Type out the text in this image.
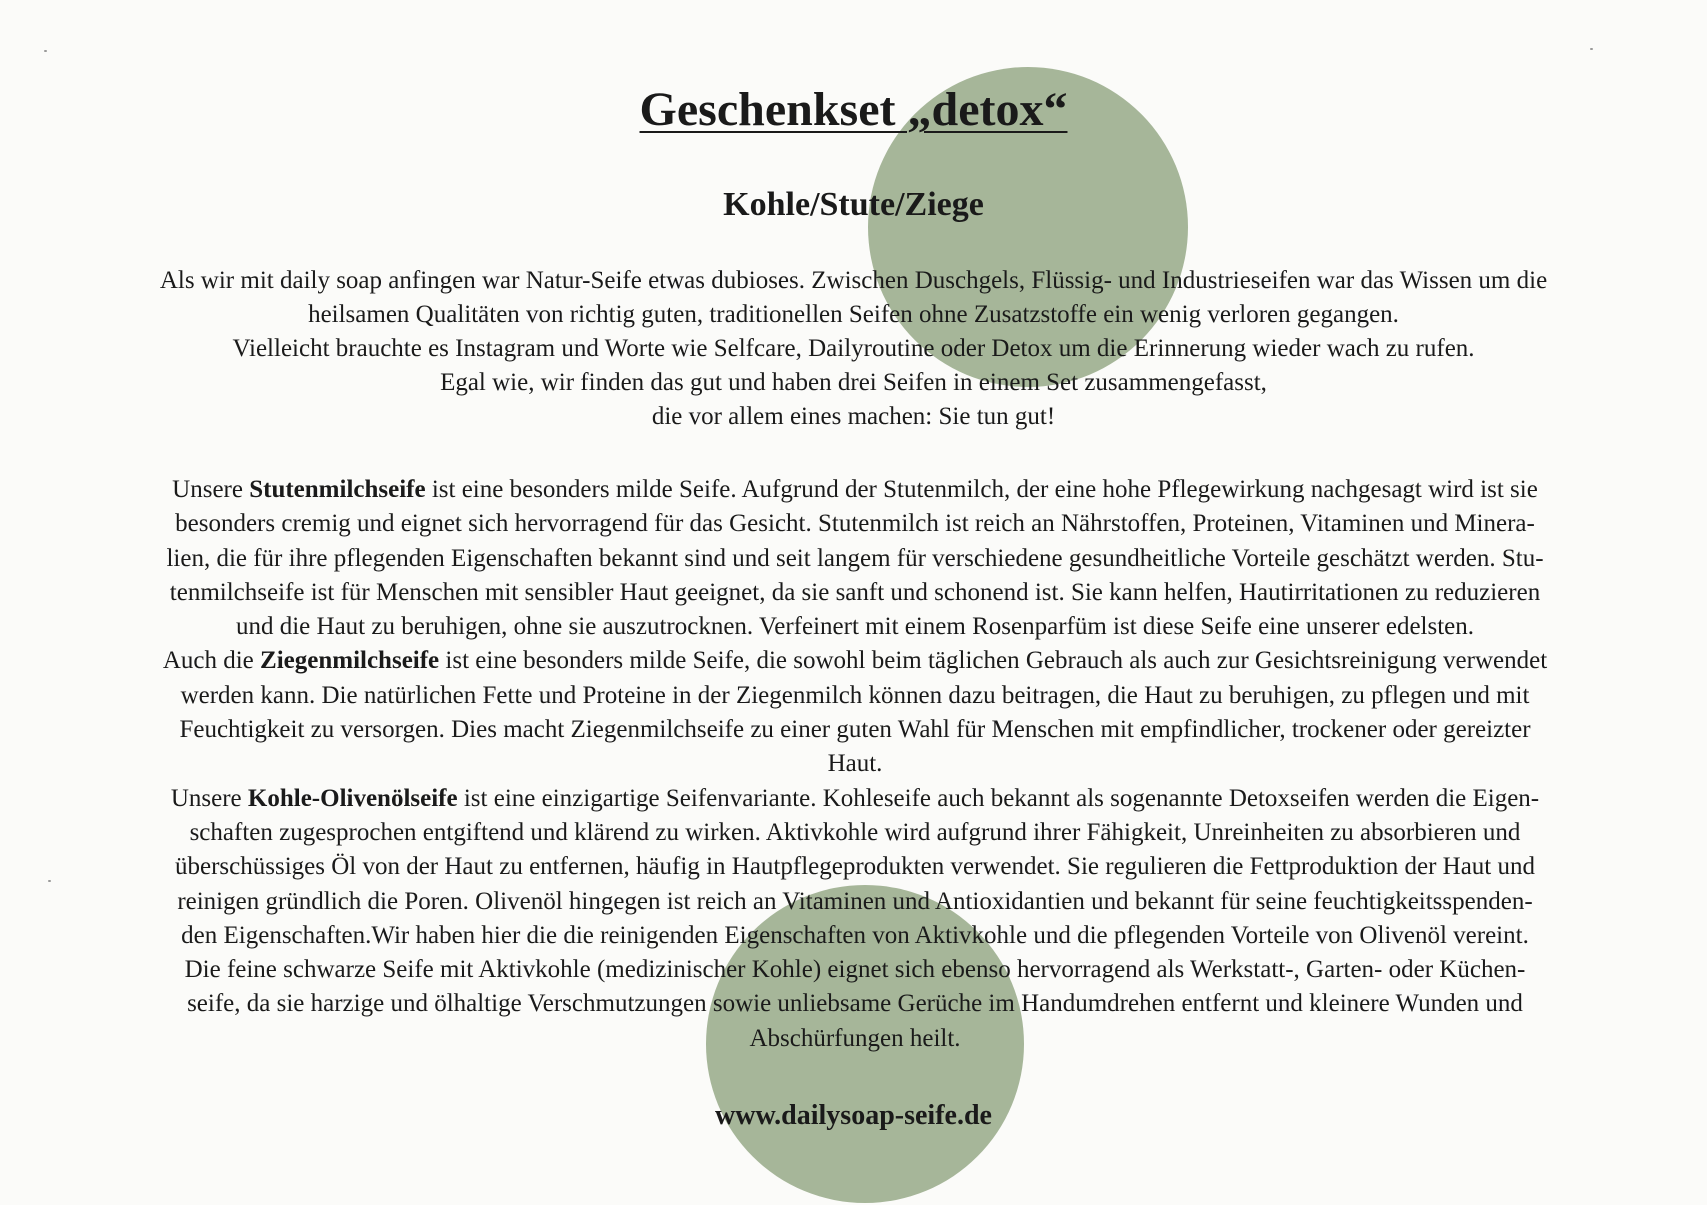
Geschenkset „detox“
Kohle/Stute/Ziege
Als wir mit daily soap anfingen war Natur-Seife etwas dubioses. Zwischen Duschgels, Flüssig- und Industrieseifen war das Wissen um die
heilsamen Qualitäten von richtig guten, traditionellen Seifen ohne Zusatzstoffe ein wenig verloren gegangen.
Vielleicht brauchte es Instagram und Worte wie Selfcare, Dailyroutine oder Detox um die Erinnerung wieder wach zu rufen.
Egal wie, wir finden das gut und haben drei Seifen in einem Set zusammengefasst,
die vor allem eines machen: Sie tun gut!

Unsere Stutenmilchseife ist eine besonders milde Seife. Aufgrund der Stutenmilch, der eine hohe Pflegewirkung nachgesagt wird ist sie
besonders cremig und eignet sich hervorragend für das Gesicht. Stutenmilch ist reich an Nährstoffen, Proteinen, Vitaminen und Minera-
lien, die für ihre pflegenden Eigenschaften bekannt sind und seit langem für verschiedene gesundheitliche Vorteile geschätzt werden. Stu-
tenmilchseife ist für Menschen mit sensibler Haut geeignet, da sie sanft und schonend ist. Sie kann helfen, Hautirritationen zu reduzieren
und die Haut zu beruhigen, ohne sie auszutrocknen. Verfeinert mit einem Rosenparfüm ist diese Seife eine unserer edelsten.

Auch die Ziegenmilchseife ist eine besonders milde Seife, die sowohl beim täglichen Gebrauch als auch zur Gesichtsreinigung verwendet
werden kann. Die natürlichen Fette und Proteine in der Ziegenmilch können dazu beitragen, die Haut zu beruhigen, zu pflegen und mit
Feuchtigkeit zu versorgen. Dies macht Ziegenmilchseife zu einer guten Wahl für Menschen mit empfindlicher, trockener oder gereizter
Haut.

Unsere Kohle-Olivenölseife ist eine einzigartige Seifenvariante. Kohleseife auch bekannt als sogenannte Detoxseifen werden die Eigen-
schaften zugesprochen entgiftend und klärend zu wirken. Aktivkohle wird aufgrund ihrer Fähigkeit, Unreinheiten zu absorbieren und
überschüssiges Öl von der Haut zu entfernen, häufig in Hautpflegeprodukten verwendet. Sie regulieren die Fettproduktion der Haut und
reinigen gründlich die Poren. Olivenöl hingegen ist reich an Vitaminen und Antioxidantien und bekannt für seine feuchtigkeitsspenden-
den Eigenschaften.Wir haben hier die die reinigenden Eigenschaften von Aktivkohle und die pflegenden Vorteile von Olivenöl vereint.
Die feine schwarze Seife mit Aktivkohle (medizinischer Kohle) eignet sich ebenso hervorragend als Werkstatt-, Garten- oder Küchen-
seife, da sie harzige und ölhaltige Verschmutzungen sowie unliebsame Gerüche im Handumdrehen entfernt und kleinere Wunden und
Abschürfungen heilt.

www.dailysoap-seife.de
